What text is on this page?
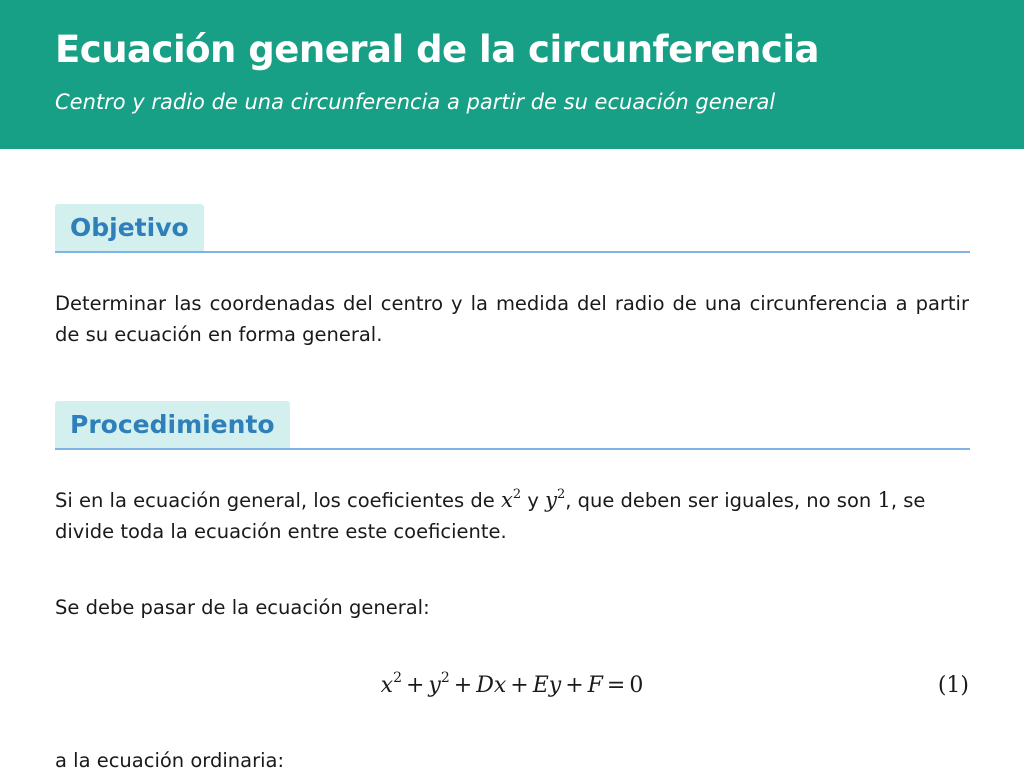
Ecuación general de la circunferencia
Centro y radio de una circunferencia a partir de su ecuación general
Objetivo
Determinar las coordenadas del centro y la medida del radio de una circunferencia a partir de su ecuación en forma general.
Procedimiento
Si en la ecuación general, los coeficientes de $x^2$ y $y^2$, que deben ser iguales, no son 1, se divide toda la ecuación entre este coeficiente.
Se debe pasar de la ecuación general:
$x^2 + y^2 + Dx + Ey + F = 0$	(1)
a la ecuación ordinaria:
